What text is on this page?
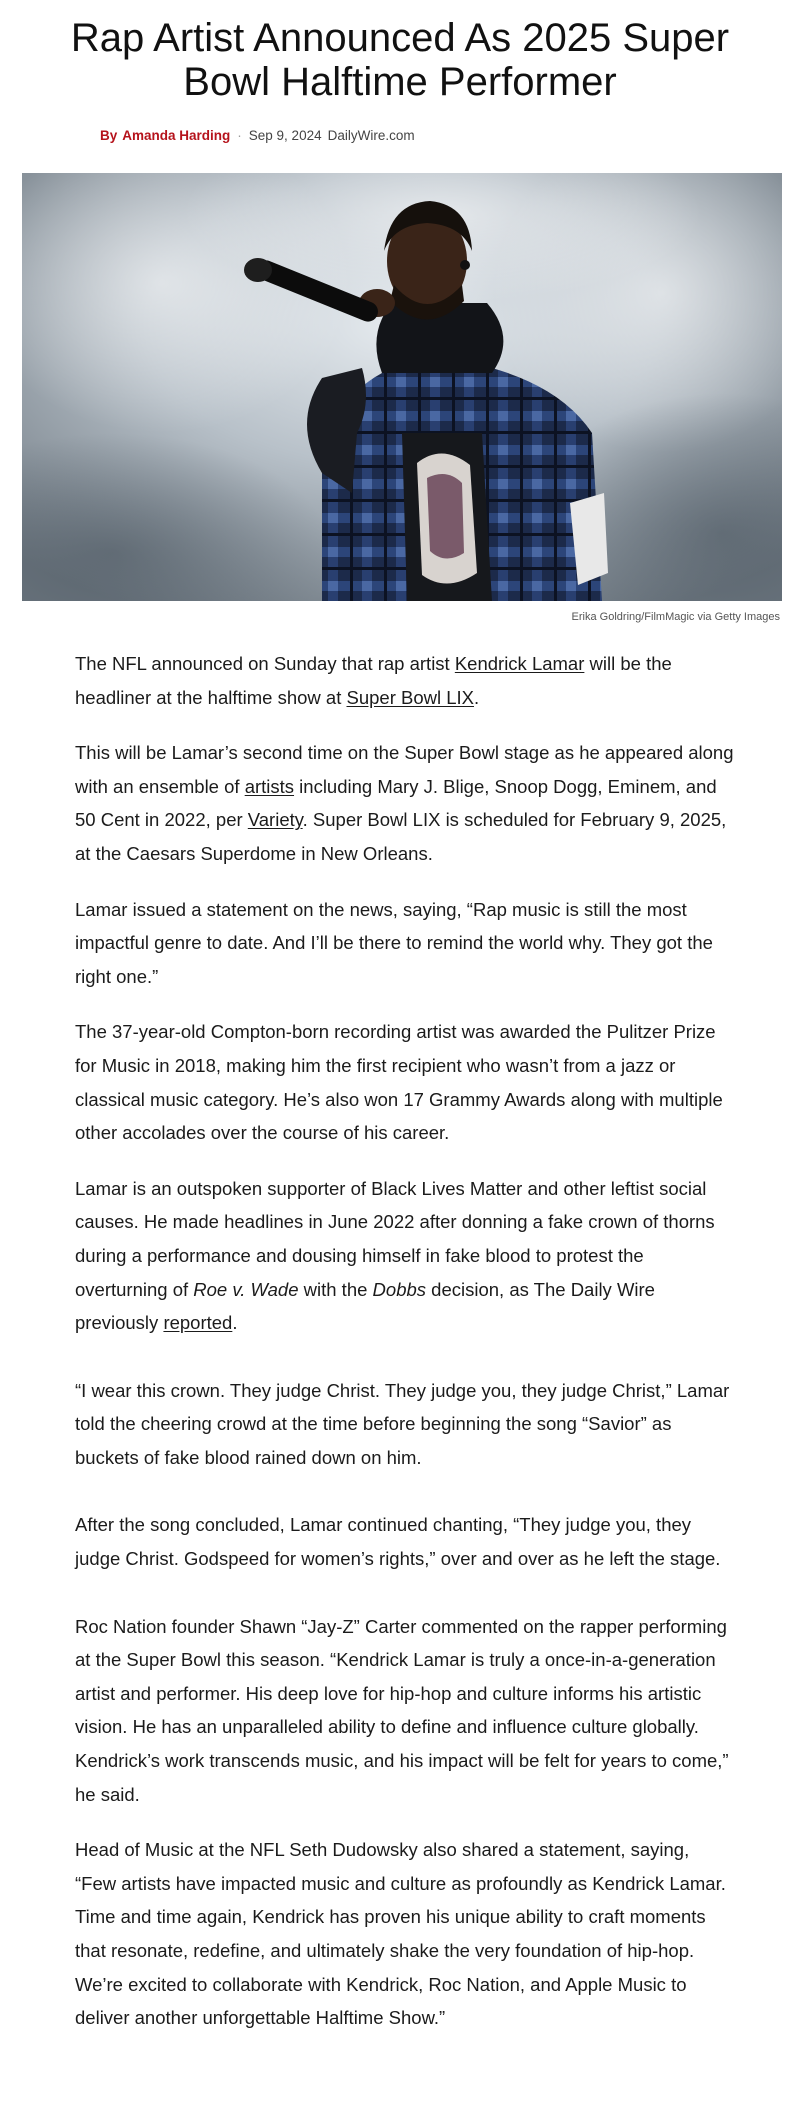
Rap Artist Announced As 2025 Super Bowl Halftime Performer
By Amanda Harding · Sep 9, 2024 DailyWire.com
Erika Goldring/FilmMagic via Getty Images

The NFL announced on Sunday that rap artist Kendrick Lamar will be the headliner at the halftime show at Super Bowl LIX.

This will be Lamar’s second time on the Super Bowl stage as he appeared along with an ensemble of artists including Mary J. Blige, Snoop Dogg, Eminem, and 50 Cent in 2022, per Variety. Super Bowl LIX is scheduled for February 9, 2025, at the Caesars Superdome in New Orleans.

Lamar issued a statement on the news, saying, “Rap music is still the most impactful genre to date. And I’ll be there to remind the world why. They got the right one.”

The 37-year-old Compton-born recording artist was awarded the Pulitzer Prize for Music in 2018, making him the first recipient who wasn’t from a jazz or classical music category. He’s also won 17 Grammy Awards along with multiple other accolades over the course of his career.

Lamar is an outspoken supporter of Black Lives Matter and other leftist social causes. He made headlines in June 2022 after donning a fake crown of thorns during a performance and dousing himself in fake blood to protest the overturning of Roe v. Wade with the Dobbs decision, as The Daily Wire previously reported.

“I wear this crown. They judge Christ. They judge you, they judge Christ,” Lamar told the cheering crowd at the time before beginning the song “Savior” as buckets of fake blood rained down on him.

After the song concluded, Lamar continued chanting, “They judge you, they judge Christ. Godspeed for women’s rights,” over and over as he left the stage.

Roc Nation founder Shawn “Jay-Z” Carter commented on the rapper performing at the Super Bowl this season. “Kendrick Lamar is truly a once-in-a-generation artist and performer. His deep love for hip-hop and culture informs his artistic vision. He has an unparalleled ability to define and influence culture globally. Kendrick’s work transcends music, and his impact will be felt for years to come,” he said.

Head of Music at the NFL Seth Dudowsky also shared a statement, saying, “Few artists have impacted music and culture as profoundly as Kendrick Lamar. Time and time again, Kendrick has proven his unique ability to craft moments that resonate, redefine, and ultimately shake the very foundation of hip-hop. We’re excited to collaborate with Kendrick, Roc Nation, and Apple Music to deliver another unforgettable Halftime Show.”
